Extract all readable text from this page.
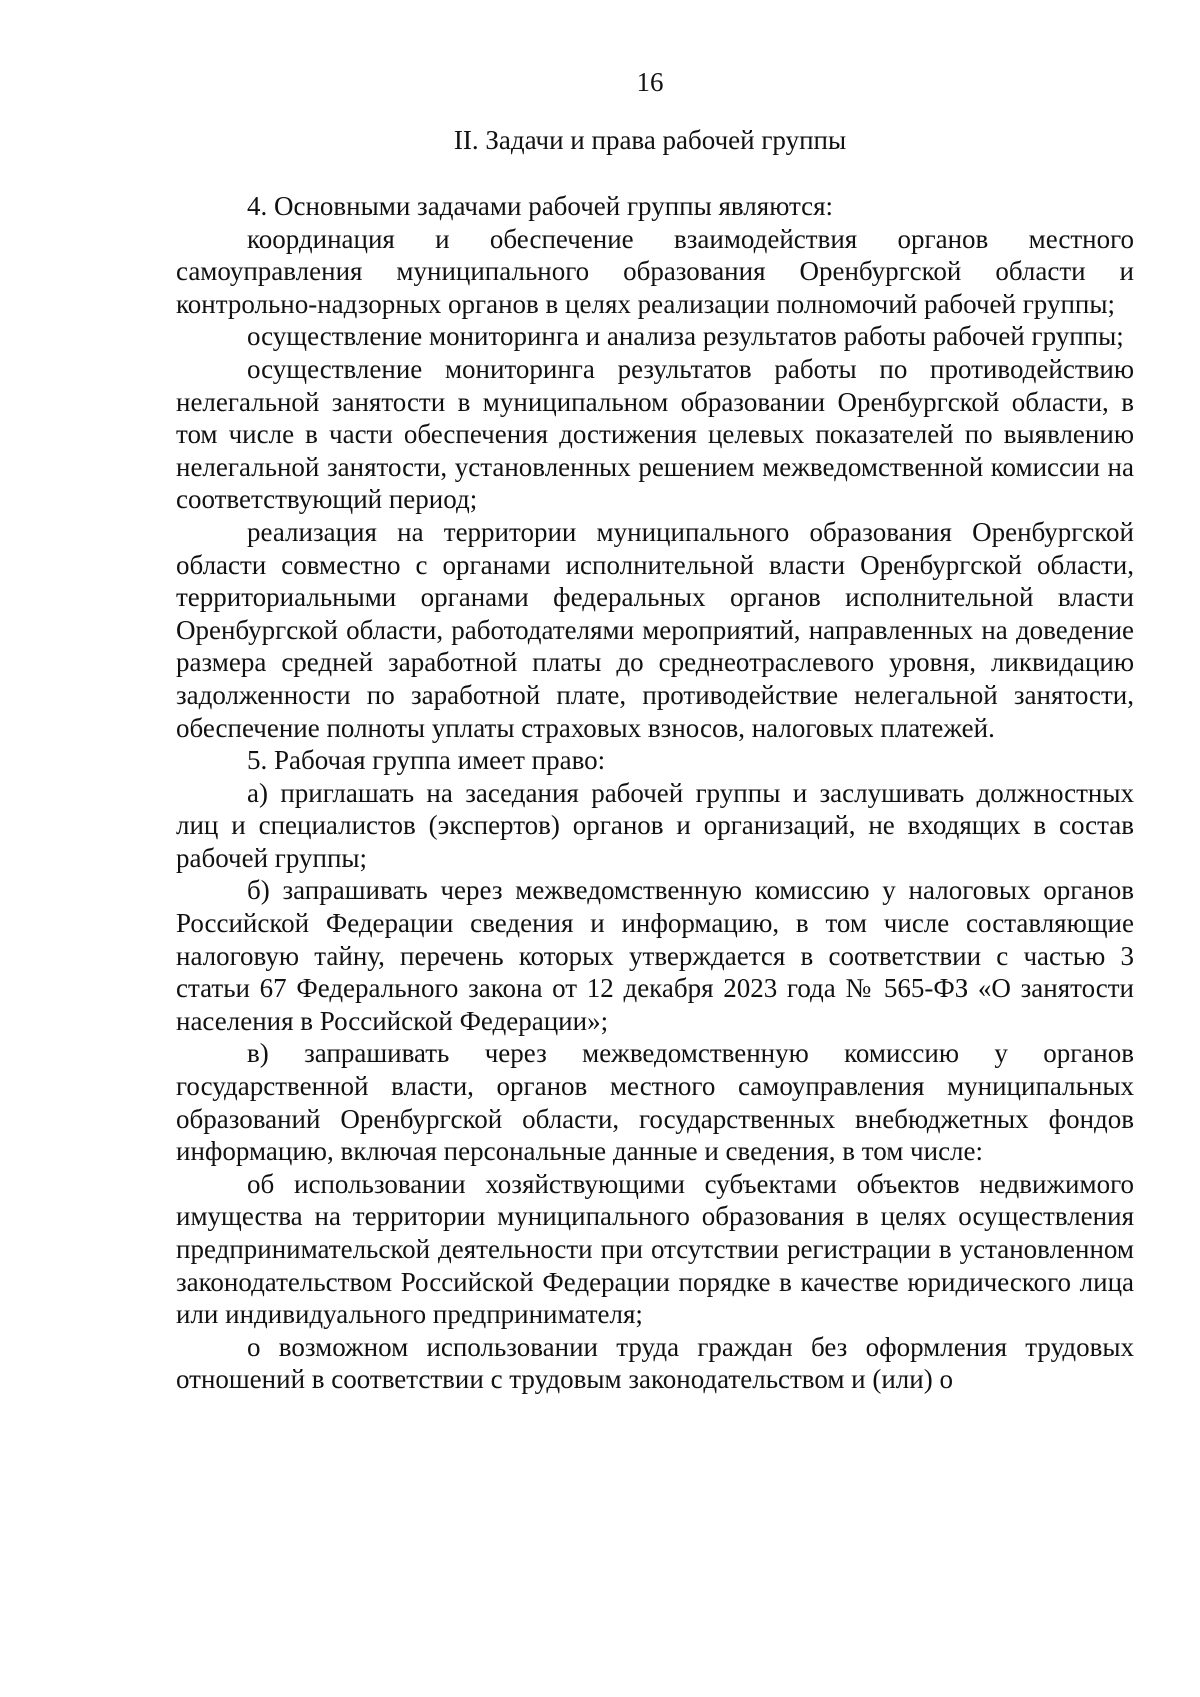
16
II. Задачи и права рабочей группы

4. Основными задачами рабочей группы являются:

координация и обеспечение взаимодействия органов местного самоуправления муниципального образования Оренбургской области и контрольно-надзорных органов в целях реализации полномочий рабочей группы;

осуществление мониторинга и анализа результатов работы рабочей группы;

осуществление мониторинга результатов работы по противодействию нелегальной занятости в муниципальном образовании Оренбургской области, в том числе в части обеспечения достижения целевых показателей по выявлению нелегальной занятости, установленных решением межведомственной комиссии на соответствующий период;

реализация на территории муниципального образования Оренбургской области совместно с органами исполнительной власти Оренбургской области, территориальными органами федеральных органов исполнительной власти Оренбургской области, работодателями мероприятий, направленных на доведение размера средней заработной платы до среднеотраслевого уровня, ликвидацию задолженности по заработной плате, противодействие нелегальной занятости, обеспечение полноты уплаты страховых взносов, налоговых платежей.

5. Рабочая группа имеет право:

а) приглашать на заседания рабочей группы и заслушивать должностных лиц и специалистов (экспертов) органов и организаций, не входящих в состав рабочей группы;

б) запрашивать через межведомственную комиссию у налоговых органов Российской Федерации сведения и информацию, в том числе составляющие налоговую тайну, перечень которых утверждается в соответствии с частью 3 статьи 67 Федерального закона от 12 декабря 2023 года № 565-ФЗ «О занятости населения в Российской Федерации»;

в) запрашивать через межведомственную комиссию у органов государственной власти, органов местного самоуправления муниципальных образований Оренбургской области, государственных внебюджетных фондов информацию, включая персональные данные и сведения, в том числе:

об использовании хозяйствующими субъектами объектов недвижимого имущества на территории муниципального образования в целях осуществления предпринимательской деятельности при отсутствии регистрации в установленном законодательством Российской Федерации порядке в качестве юридического лица или индивидуального предпринимателя;

о возможном использовании труда граждан без оформления трудовых отношений в соответствии с трудовым законодательством и (или) о
